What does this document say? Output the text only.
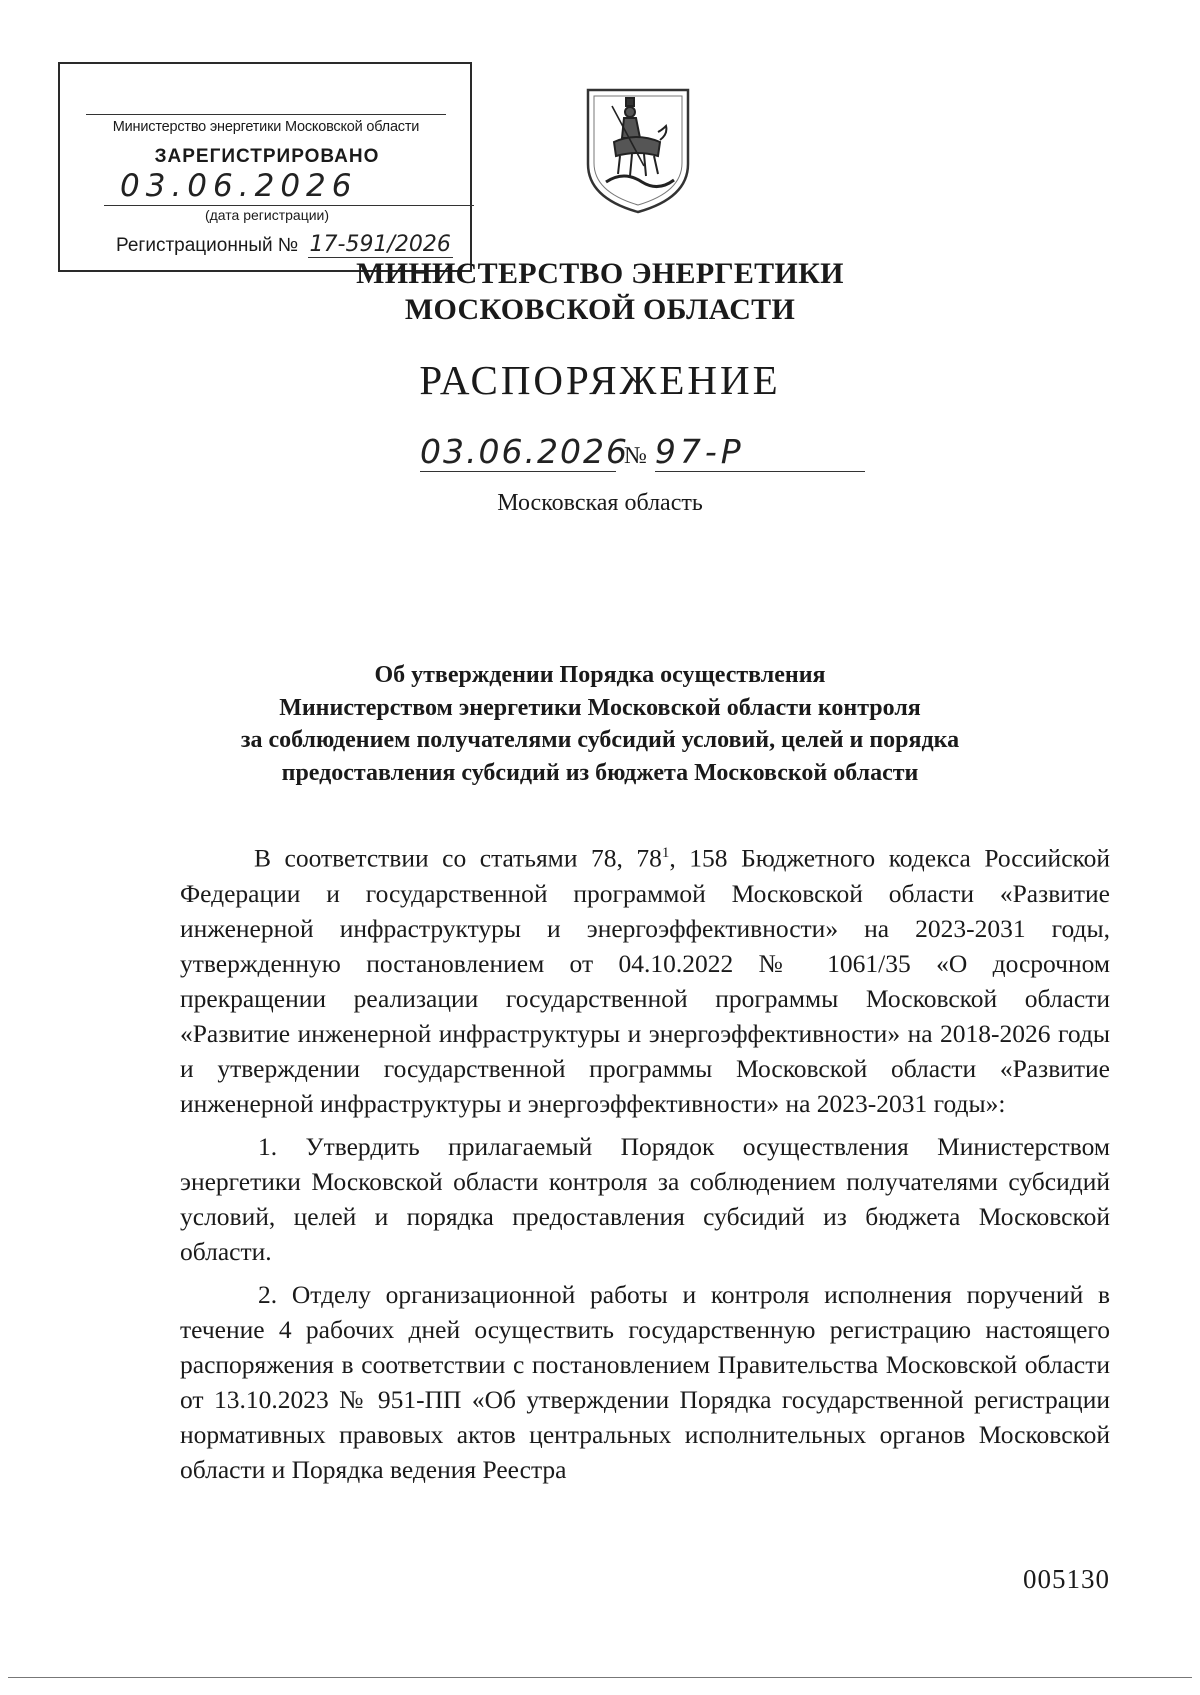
Министерство энергетики Московской области
ЗАРЕГИСТРИРОВАНО
03.06.2026
(дата регистрации)
Регистрационный № 17-591/2026
МИНИСТЕРСТВО ЭНЕРГЕТИКИ
МОСКОВСКОЙ ОБЛАСТИ
РАСПОРЯЖЕНИЕ
03.06.2026 № 97-Р
Московская область
Об утверждении Порядка осуществления
Министерством энергетики Московской области контроля
за соблюдением получателями субсидий условий, целей и порядка
предоставления субсидий из бюджета Московской области

В соответствии со статьями 78, $78^1$, 158 Бюджетного кодекса Российской Федерации и государственной программой Московской области «Развитие инженерной инфраструктуры и энергоэффективности» на 2023-2031 годы, утвержденную постановлением от 04.10.2022 № 1061/35 «О досрочном прекращении реализации государственной программы Московской области «Развитие инженерной инфраструктуры и энергоэффективности» на 2018-2026 годы и утверждении государственной программы Московской области «Развитие инженерной инфраструктуры и энергоэффективности» на 2023-2031 годы»:

1. Утвердить прилагаемый Порядок осуществления Министерством энергетики Московской области контроля за соблюдением получателями субсидий условий, целей и порядка предоставления субсидий из бюджета Московской области.

2. Отделу организационной работы и контроля исполнения поручений в течение 4 рабочих дней осуществить государственную регистрацию настоящего распоряжения в соответствии с постановлением Правительства Московской области от 13.10.2023 № 951-ПП «Об утверждении Порядка государственной регистрации нормативных правовых актов центральных исполнительных органов Московской области и Порядка ведения Реестра

005130
